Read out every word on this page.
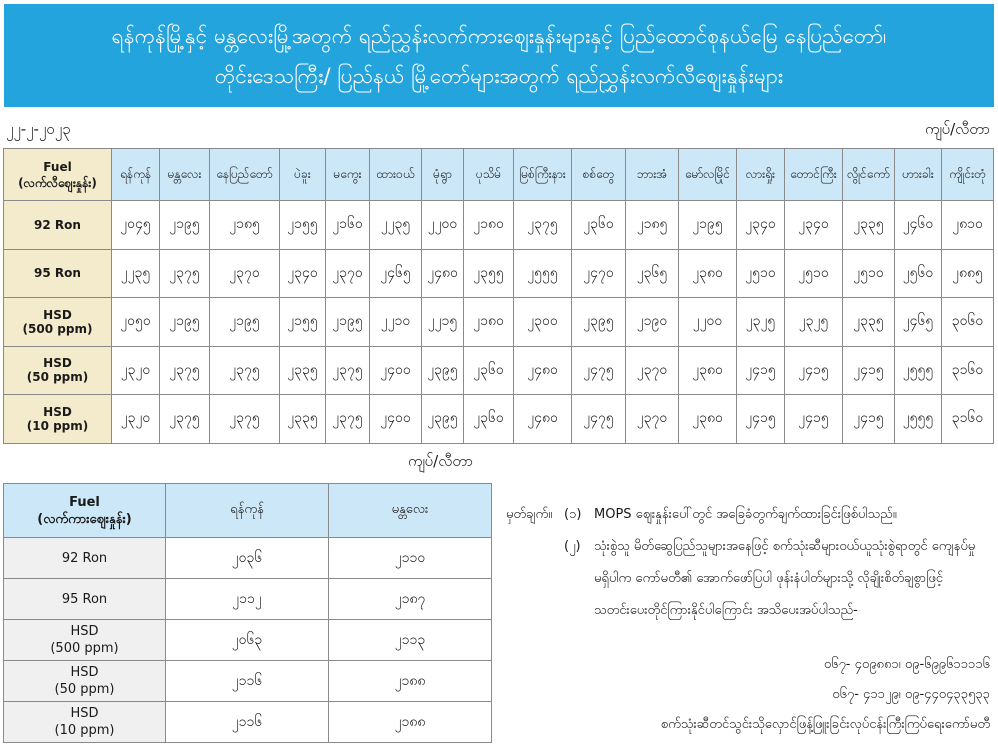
ရန်ကုန်မြို့နှင့် မန္တလေးမြို့အတွက် ရည်ညွှန်းလက်ကားဈေးနှုန်းများနှင့် ပြည်ထောင်စုနယ်မြေ နေပြည်တော်၊
တိုင်းဒေသကြီး/ ပြည်နယ် မြို့တော်များအတွက် ရည်ညွှန်းလက်လီဈေးနှုန်းများ
၂၂-၂-၂၀၂၃	ကျပ်/လီတာ
Fuel
(လက်လီဈေးနှုန်း)	ရန်ကုန်	မန္တလေး	နေပြည်တော်	ပဲခူး	မကွေး	ထားဝယ်	မုံရွာ	ပုသိမ်	မြစ်ကြီးနား	စစ်တွေ	ဘားအံ	မော်လမြိုင်	လားရှိုး	တောင်ကြီး	လွိုင်ကော်	ဟားခါး	ကျိုင်းတုံ
92 Ron	၂၀၄၅	၂၁၉၅	၂၁၈၅	၂၁၅၅	၂၁၆၀	၂၂၃၅	၂၂၀၀	၂၁၈၀	၂၃၇၅	၂၃၆၀	၂၁၈၅	၂၁၉၅	၂၃၄၀	၂၃၄၀	၂၃၃၅	၂၄၆၀	၂၈၁၀
95 Ron	၂၂၃၅	၂၃၇၅	၂၃၇၀	၂၃၄၀	၂၃၇၀	၂၄၆၅	၂၄၈၀	၂၃၅၅	၂၅၅၅	၂၄၇၀	၂၃၆၅	၂၃၈၀	၂၅၁၀	၂၅၁၀	၂၅၁၀	၂၅၆၀	၂၈၈၅
HSD
(500 ppm)	၂၀၅၀	၂၁၉၅	၂၁၉၅	၂၁၅၅	၂၁၉၅	၂၂၁၀	၂၂၁၅	၂၁၈၀	၂၃၀၀	၂၃၉၅	၂၁၉၀	၂၂၀၀	၂၃၂၅	၂၃၂၅	၂၃၃၅	၂၄၆၅	၃၀၆၀
HSD
(50 ppm)	၂၃၂၀	၂၃၇၅	၂၃၇၅	၂၃၃၅	၂၃၇၅	၂၄၀၀	၂၃၉၅	၂၃၆၀	၂၄၈၀	၂၄၇၅	၂၃၇၀	၂၃၈၀	၂၄၁၅	၂၄၁၅	၂၄၁၅	၂၅၅၅	၃၁၆၀
HSD
(10 ppm)	၂၃၂၀	၂၃၇၅	၂၃၇၅	၂၃၃၅	၂၃၇၅	၂၄၀၀	၂၃၉၅	၂၃၆၀	၂၄၈၀	၂၄၇၅	၂၃၇၀	၂၃၈၀	၂၄၁၅	၂၄၁၅	၂၄၁၅	၂၅၅၅	၃၁၆၀
ကျပ်/လီတာ
Fuel
(လက်ကားဈေးနှုန်း)	ရန်ကုန်	မန္တလေး
92 Ron	၂၀၃၆	၂၁၁၀
95 Ron	၂၁၁၂	၂၁၈၇
HSD
(500 ppm)	၂၀၆၃	၂၁၁၃
HSD
(50 ppm)	၂၁၁၆	၂၁၈၈
HSD
(10 ppm)	၂၁၁၆	၂၁၈၈
မှတ်ချက်။ (၁) MOPS ဈေးနှုန်းပေါ်တွင် အခြေခံတွက်ချက်ထားခြင်းဖြစ်ပါသည်။
(၂) သုံးစွဲသူ မိတ်ဆွေပြည်သူများအနေဖြင့် စက်သုံးဆီများဝယ်ယူသုံးစွဲရာတွင် ကျေနပ်မှု
မရှိပါက ကော်မတီ၏ အောက်ဖော်ပြပါ ဖုန်းနံပါတ်များသို့ လိုချိုးစိတ်ချစွာဖြင့်
သတင်းပေးတိုင်ကြားနိုင်ပါကြောင်း အသိပေးအပ်ပါသည်-
၀၆၇- ၄၀၉၈၈၁၊ ၀၉-၆၉၉၆၁၁၁၁၆
၀၆၇- ၄၁၁၂၉၊ ၀၉-၄၄၀၄၃၃၅၃၃
စက်သုံးဆီတင်သွင်းသိုလှောင်ဖြန့်ဖြူးခြင်းလုပ်ငန်းကြီးကြပ်ရေးကော်မတီ
